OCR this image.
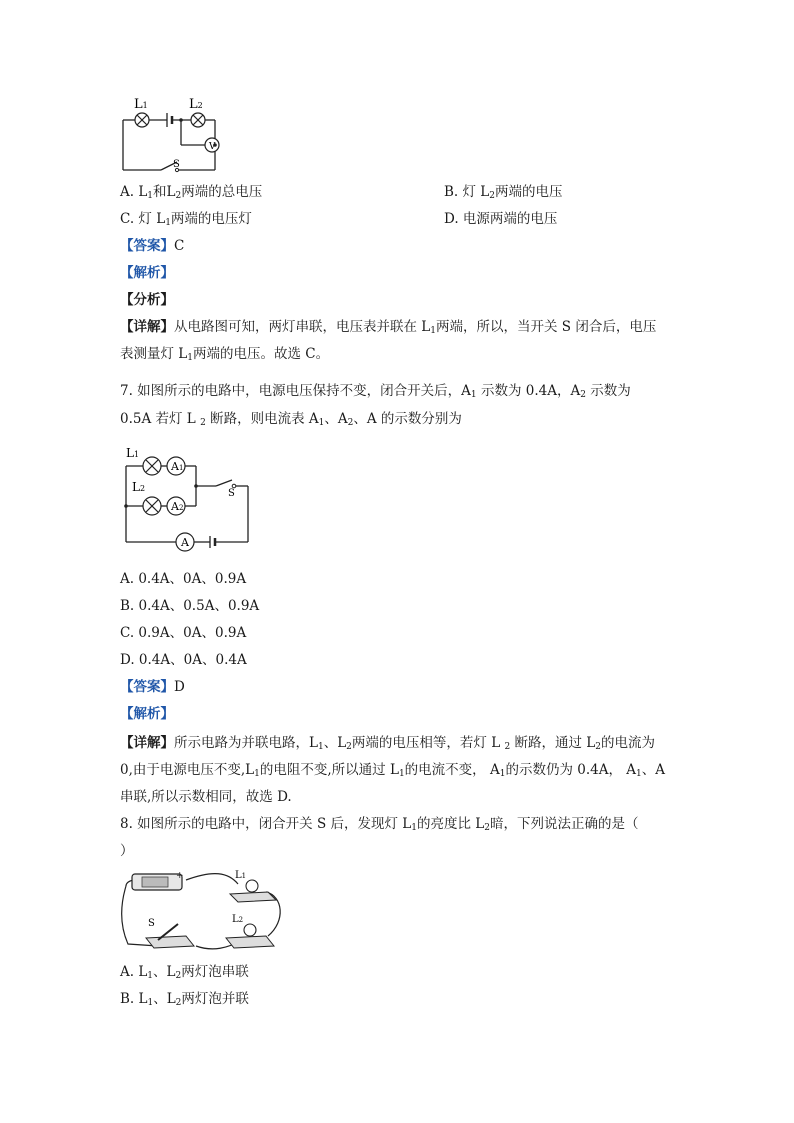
L1	L2
V
S
A. $L_1$和$L_2$两端的总电压	B. 灯 $L_2$两端的电压
C. 灯 $L_1$两端的电压灯	D. 电源两端的电压
【答案】C
【解析】
【分析】
【详解】从电路图可知，两灯串联，电压表并联在 $L_1$两端，所以，当开关 S 闭合后，电压
表测量灯 $L_1$两端的电压。故选 C。
7. 如图所示的电路中，电源电压保持不变，闭合开关后，$A_1$ 示数为 0.4A，$A_2$ 示数为
0.5A 若灯 L $_2$ 断路，则电流表 $A_1$、$A_2$、A 的示数分别为
L1
L2
A1
A2
A
S
A. 0.4A、0A、0.9A
B. 0.4A、0.5A、0.9A
C. 0.9A、0A、0.9A
D. 0.4A、0A、0.4A
【答案】D
【解析】
【详解】所示电路为并联电路，$L_1$、$L_2$两端的电压相等，若灯 L $_2$ 断路，通过 $L_2$的电流为
0,由于电源电压不变$,L_1$的电阻不变,所以通过 $L_1$的电流不变， $A_1$的示数仍为 0.4A， $A_1$、A
串联,所以示数相同，故选 D.
8. 如图所示的电路中，闭合开关 S 后，发现灯 $L_1$的亮度比 $L_2$暗，下列说法正确的是（
）
+	L1
L2
S
A. $L_1$、$L_2$两灯泡串联
B. $L_1$、$L_2$两灯泡并联
